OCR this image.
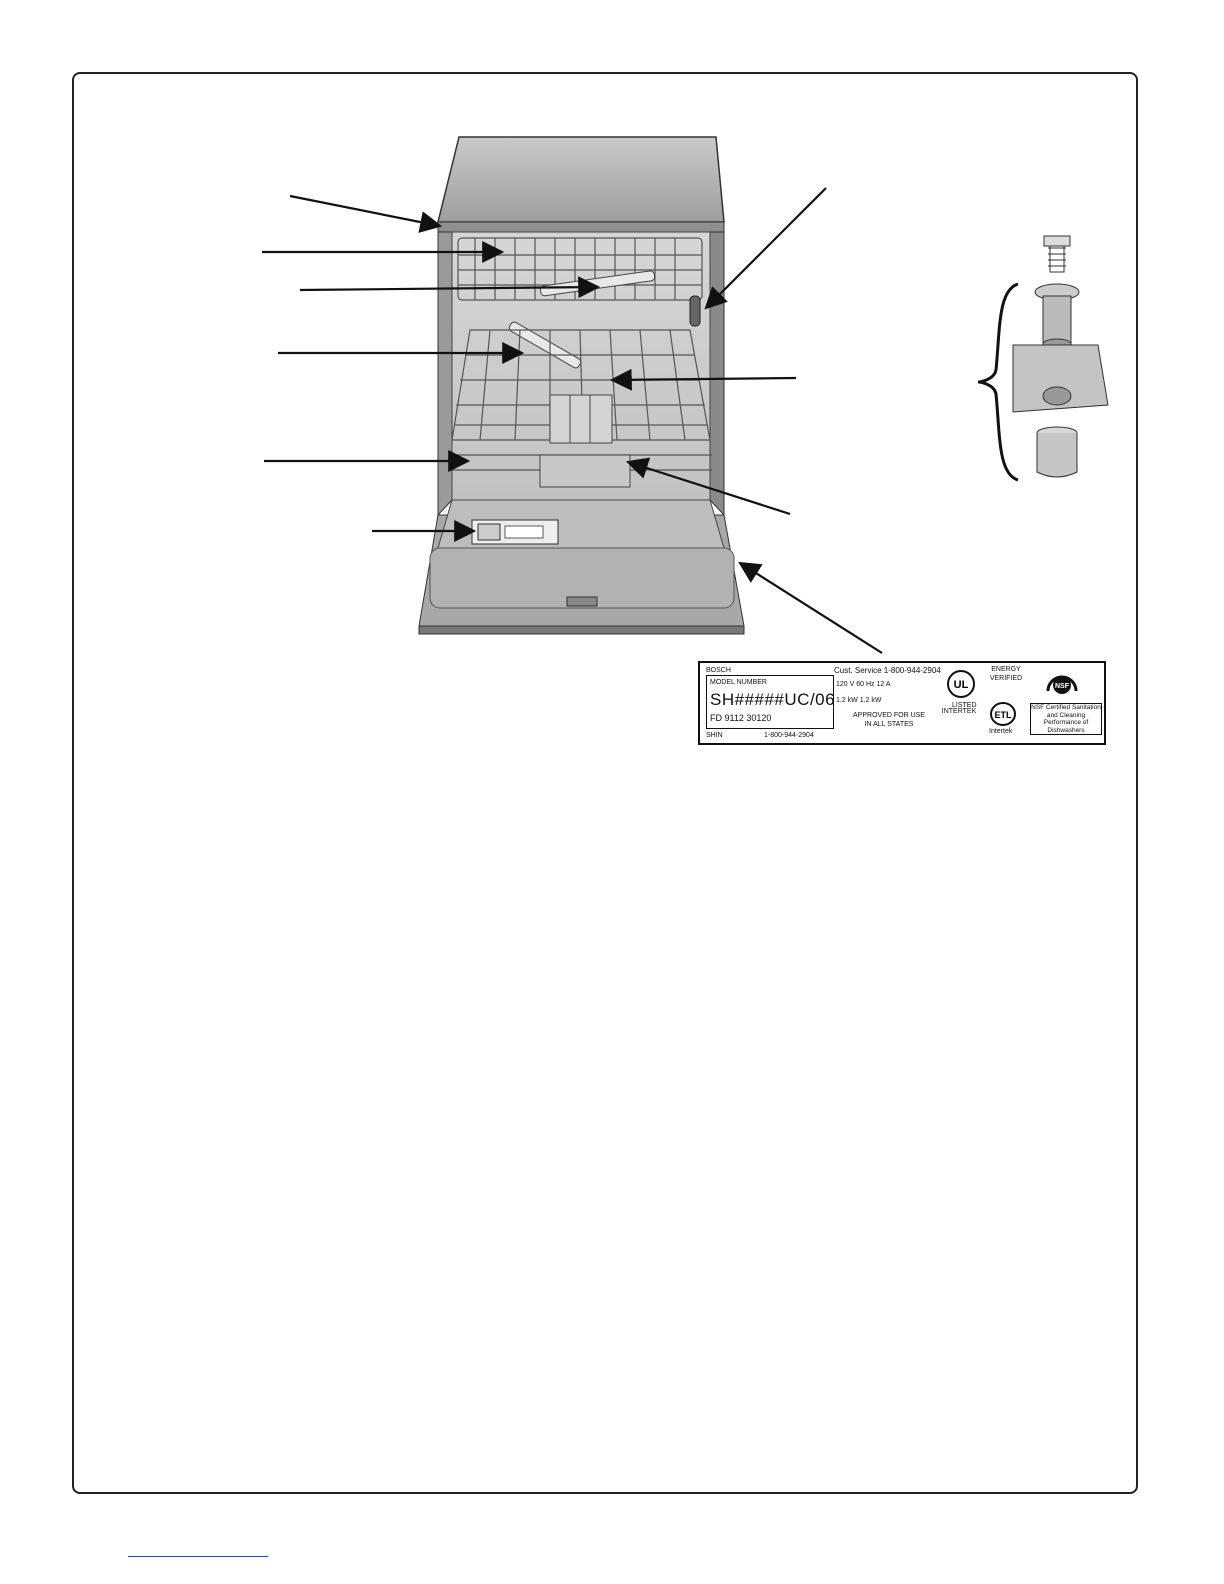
BOSCH
MODEL NUMBER
SH#####UC/06
FD 9112 30120
SHIN	1-800-944-2904
Cust. Service 1-800-944-2904
120 V 60 Hz 12 A
1.2 kW 1.2 kW
APPROVED FOR USE IN ALL STATES
UL
LISTED
ENERGY VERIFIED
ETL
Intertek
INTERTEK
NSF
NSF Certified Sanitation and Cleaning Performance of Dishwashers
